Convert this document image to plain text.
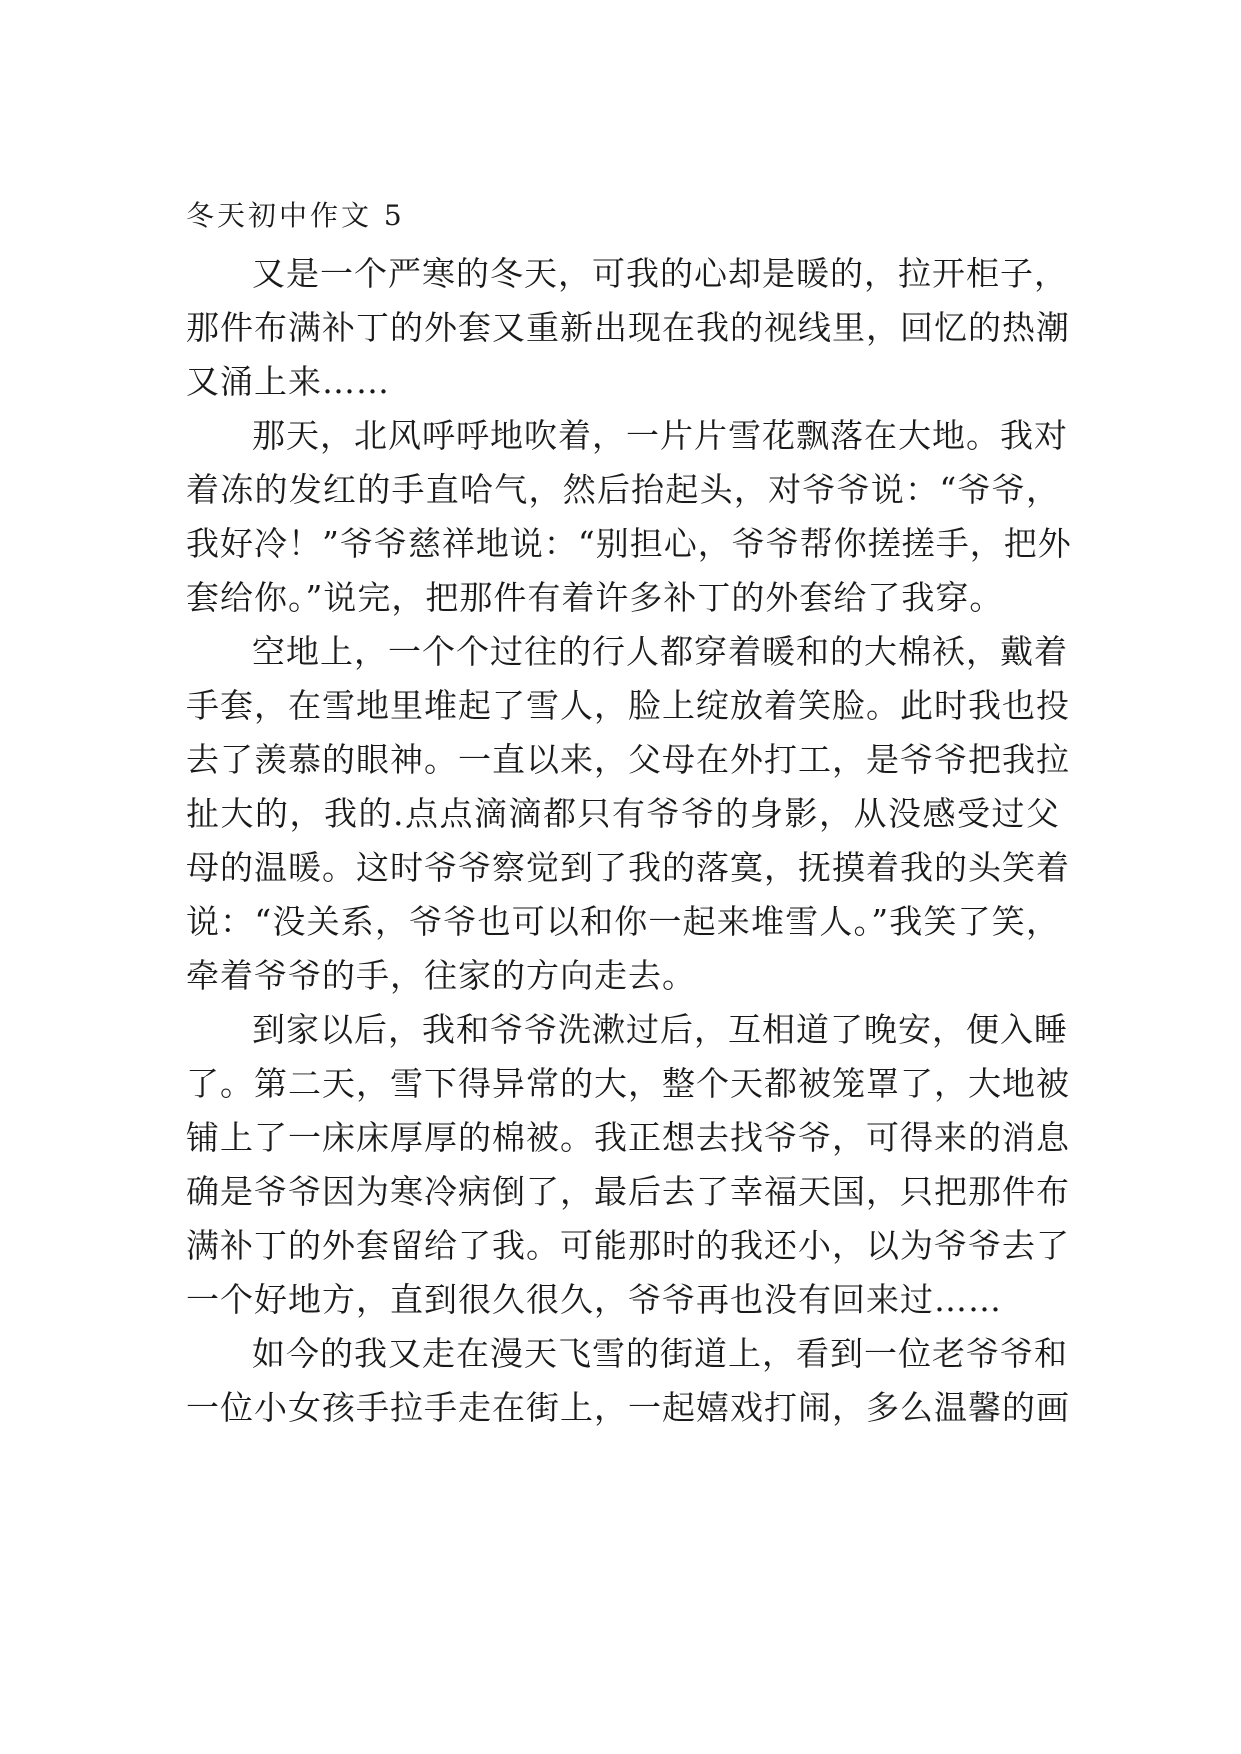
冬天初中作文 5
又是一个严寒的冬天，可我的心却是暖的，拉开柜子，
那件布满补丁的外套又重新出现在我的视线里，回忆的热潮
又涌上来……
那天，北风呼呼地吹着，一片片雪花飘落在大地。我对
着冻的发红的手直哈气，然后抬起头，对爷爷说：“爷爷，
我好冷！”爷爷慈祥地说：“别担心，爷爷帮你搓搓手，把外
套给你。”说完，把那件有着许多补丁的外套给了我穿。
空地上，一个个过往的行人都穿着暖和的大棉袄，戴着
手套，在雪地里堆起了雪人，脸上绽放着笑脸。此时我也投
去了羡慕的眼神。一直以来，父母在外打工，是爷爷把我拉
扯大的，我的.点点滴滴都只有爷爷的身影，从没感受过父
母的温暖。这时爷爷察觉到了我的落寞，抚摸着我的头笑着
说：“没关系，爷爷也可以和你一起来堆雪人。”我笑了笑，
牵着爷爷的手，往家的方向走去。
到家以后，我和爷爷洗漱过后，互相道了晚安，便入睡
了。第二天，雪下得异常的大，整个天都被笼罩了，大地被
铺上了一床床厚厚的棉被。我正想去找爷爷，可得来的消息
确是爷爷因为寒冷病倒了，最后去了幸福天国，只把那件布
满补丁的外套留给了我。可能那时的我还小，以为爷爷去了
一个好地方，直到很久很久，爷爷再也没有回来过……
如今的我又走在漫天飞雪的街道上，看到一位老爷爷和
一位小女孩手拉手走在街上，一起嬉戏打闹，多么温馨的画
